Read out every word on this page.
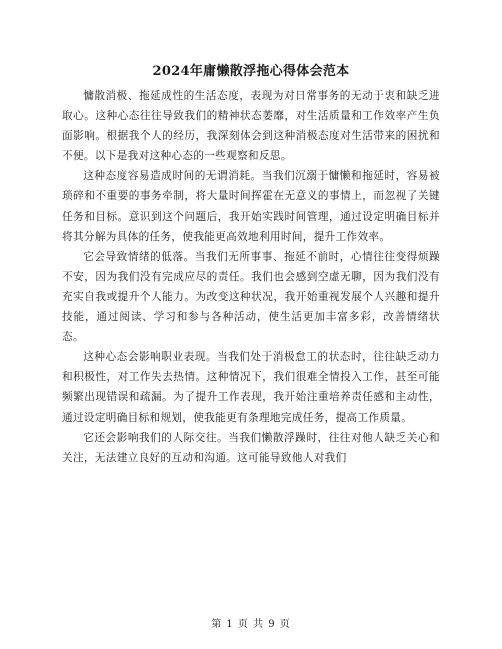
2024年庸懒散浮拖心得体会范本

慵散消极、拖延成性的生活态度，表现为对日常事务的无动于衷和缺乏进取心。这种心态往往导致我们的精神状态萎靡，对生活质量和工作效率产生负面影响。根据我个人的经历，我深刻体会到这种消极态度对生活带来的困扰和不便。以下是我对这种心态的一些观察和反思。

这种态度容易造成时间的无谓消耗。当我们沉溺于慵懒和拖延时，容易被琐碎和不重要的事务牵制，将大量时间挥霍在无意义的事情上，而忽视了关键任务和目标。意识到这个问题后，我开始实践时间管理，通过设定明确目标并将其分解为具体的任务，使我能更高效地利用时间，提升工作效率。

它会导致情绪的低落。当我们无所事事、拖延不前时，心情往往变得烦躁不安，因为我们没有完成应尽的责任。我们也会感到空虚无聊，因为我们没有充实自我或提升个人能力。为改变这种状况，我开始重视发展个人兴趣和提升技能，通过阅读、学习和参与各种活动，使生活更加丰富多彩，改善情绪状态。

这种心态会影响职业表现。当我们处于消极怠工的状态时，往往缺乏动力和积极性，对工作失去热情。这种情况下，我们很难全情投入工作，甚至可能频繁出现错误和疏漏。为了提升工作表现，我开始注重培养责任感和主动性，通过设定明确目标和规划，使我能更有条理地完成任务，提高工作质量。

它还会影响我们的人际交往。当我们懒散浮躁时，往往对他人缺乏关心和关注，无法建立良好的互动和沟通。这可能导致他人对我们

第 1 页 共 9 页
